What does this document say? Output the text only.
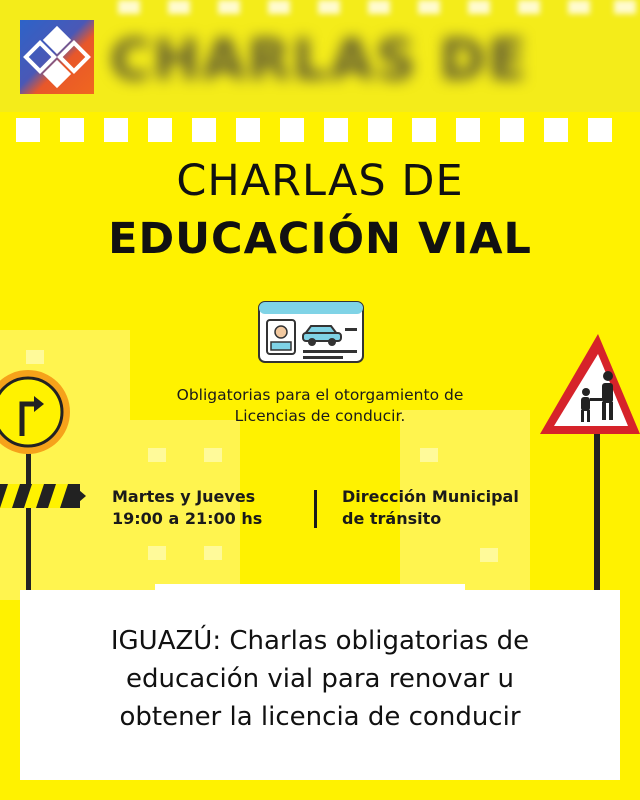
CHARLAS DE
CHARLAS DE
EDUCACIÓN VIAL
Obligatorias para el otorgamiento de
Licencias de conducir.
Martes y Jueves
19:00 a 21:00 hs
Dirección Municipal
de tránsito
IGUAZÚ: Charlas obligatorias de
educación vial para renovar u
obtener la licencia de conducir
